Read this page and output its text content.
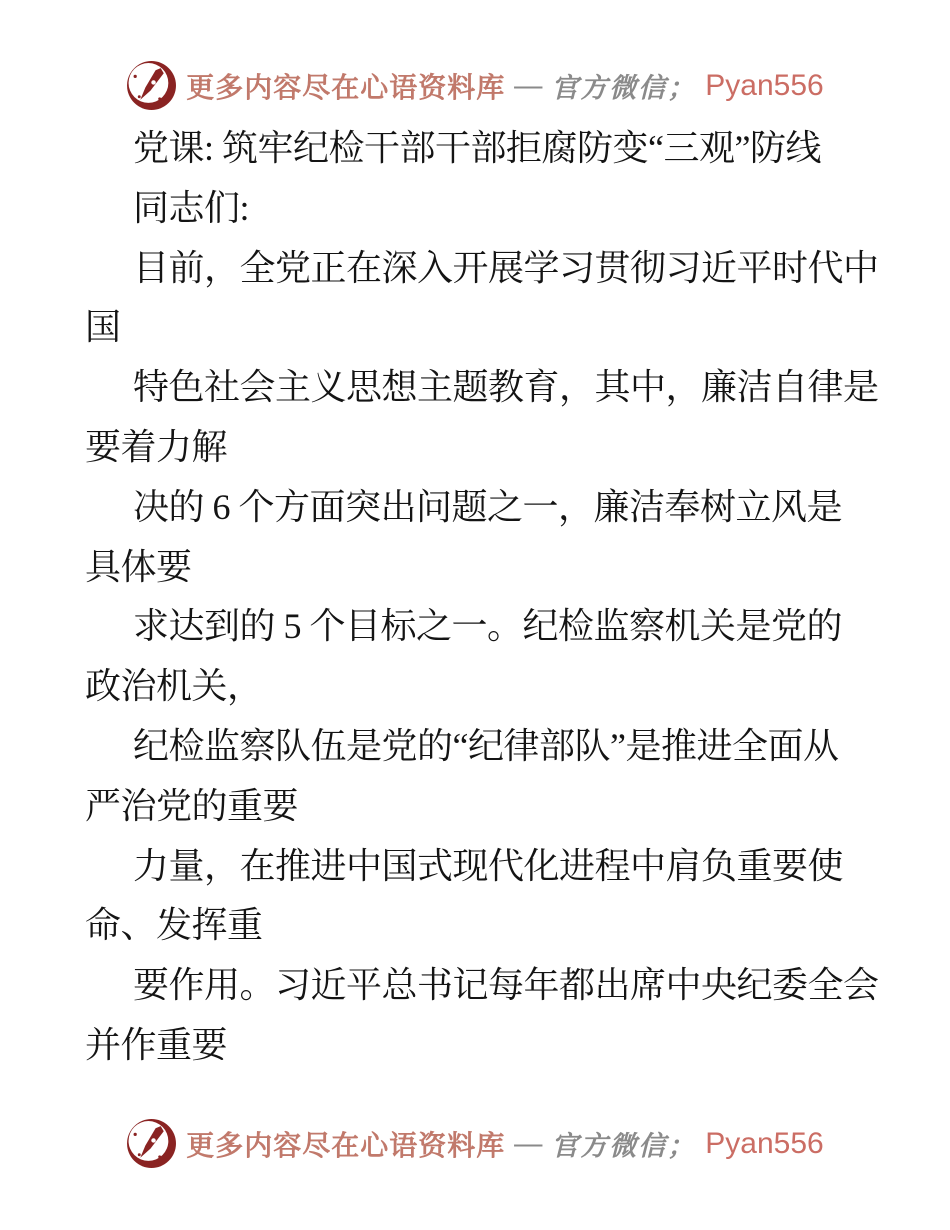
更多内容尽在心语资料库 — 官方微信； Pyan556
党课: 筑牢纪检干部干部拒腐防变“三观”防线
同志们:
目前，全党正在深入开展学习贯彻习近平时代中
国
特色社会主义思想主题教育，其中，廉洁自律是
要着力解
决的 6 个方面突出问题之一，廉洁奉树立风是
具体要
求达到的 5 个目标之一。纪检监察机关是党的
政治机关，
纪检监察队伍是党的“纪律部队”是推进全面从
严治党的重要
力量，在推进中国式现代化进程中肩负重要使
命、发挥重
要作用。习近平总书记每年都出席中央纪委全会
并作重要
更多内容尽在心语资料库 — 官方微信； Pyan556
